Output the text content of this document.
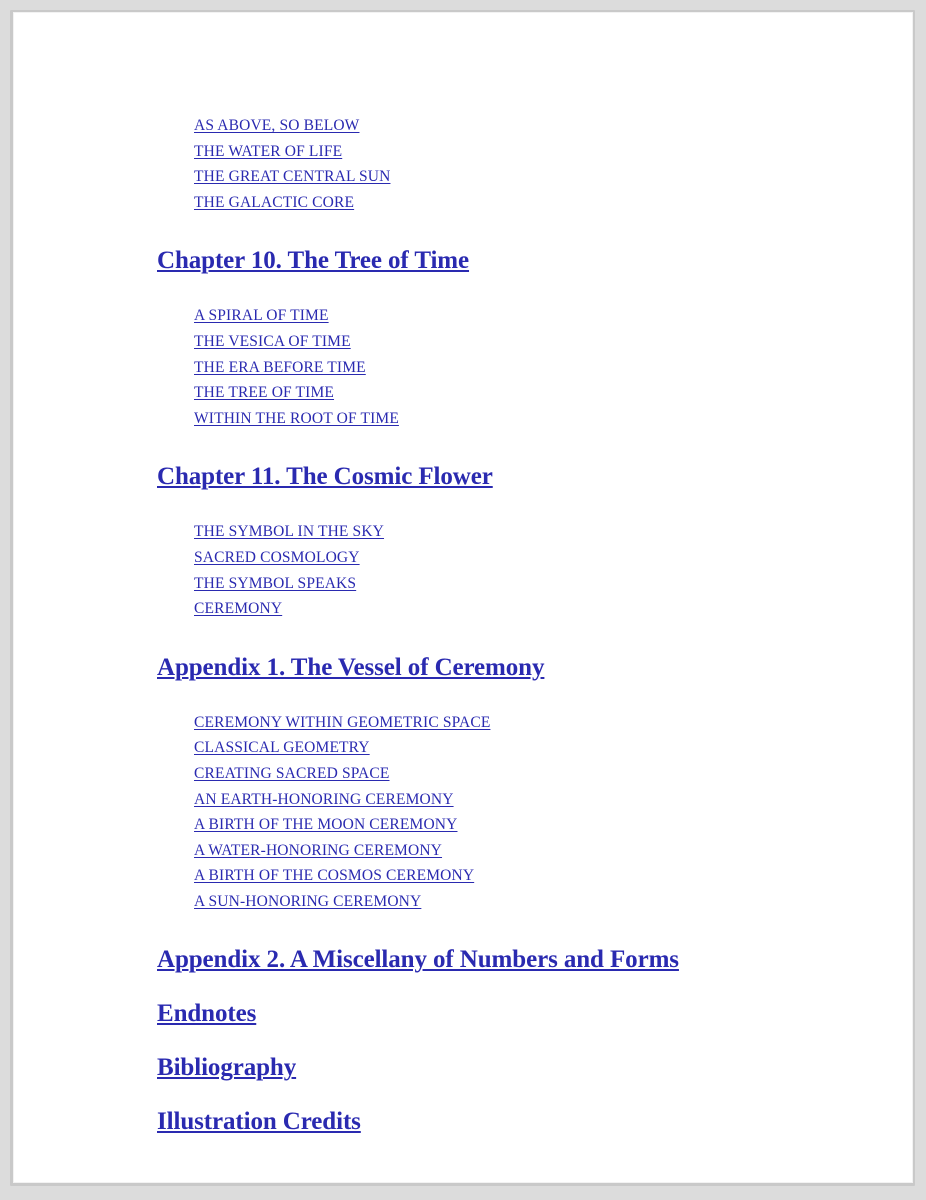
AS ABOVE, SO BELOW
THE WATER OF LIFE
THE GREAT CENTRAL SUN
THE GALACTIC CORE
Chapter 10. The Tree of Time
A SPIRAL OF TIME
THE VESICA OF TIME
THE ERA BEFORE TIME
THE TREE OF TIME
WITHIN THE ROOT OF TIME
Chapter 11. The Cosmic Flower
THE SYMBOL IN THE SKY
SACRED COSMOLOGY
THE SYMBOL SPEAKS
CEREMONY
Appendix 1. The Vessel of Ceremony
CEREMONY WITHIN GEOMETRIC SPACE
CLASSICAL GEOMETRY
CREATING SACRED SPACE
AN EARTH-HONORING CEREMONY
A BIRTH OF THE MOON CEREMONY
A WATER-HONORING CEREMONY
A BIRTH OF THE COSMOS CEREMONY
A SUN-HONORING CEREMONY
Appendix 2. A Miscellany of Numbers and Forms
Endnotes
Bibliography
Illustration Credits
